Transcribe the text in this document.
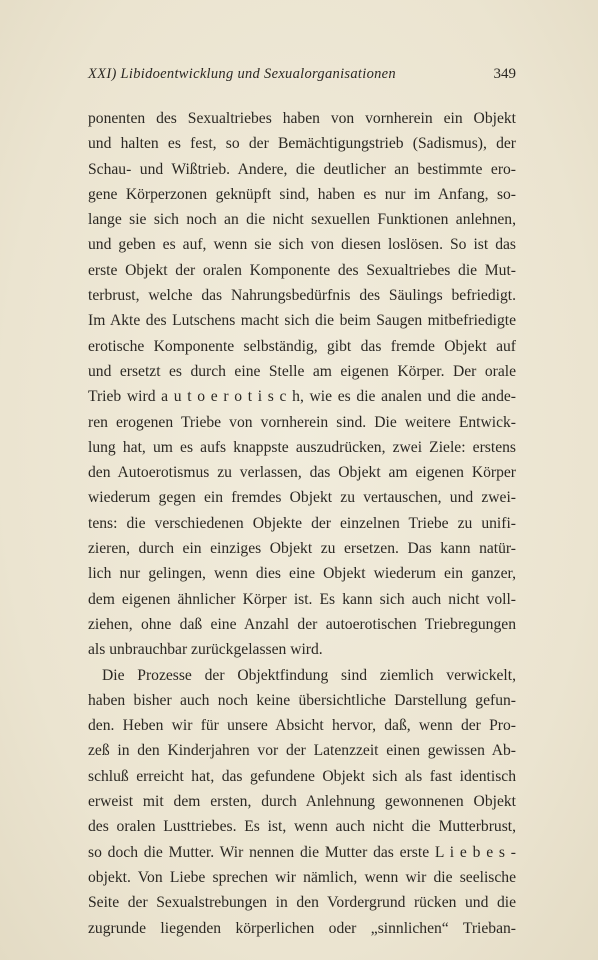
XXI) Libidoentwicklung und Sexualorganisationen	349
ponenten des Sexualtriebes haben von vornherein ein Objekt
und halten es fest, so der Bemächtigungstrieb (Sadismus), der
Schau- und Wißtrieb. Andere, die deutlicher an bestimmte ero-
gene Körperzonen geknüpft sind, haben es nur im Anfang, so-
lange sie sich noch an die nicht sexuellen Funktionen anlehnen,
und geben es auf, wenn sie sich von diesen loslösen. So ist das
erste Objekt der oralen Komponente des Sexualtriebes die Mut-
terbrust, welche das Nahrungsbedürfnis des Säulings befriedigt.
Im Akte des Lutschens macht sich die beim Saugen mitbefriedigte
erotische Komponente selbständig, gibt das fremde Objekt auf
und ersetzt es durch eine Stelle am eigenen Körper. Der orale
Trieb wird a u t o e r o t i s c h, wie es die analen und die ande-
ren erogenen Triebe von vornherein sind. Die weitere Entwick-
lung hat, um es aufs knappste auszudrücken, zwei Ziele: erstens
den Autoerotismus zu verlassen, das Objekt am eigenen Körper
wiederum gegen ein fremdes Objekt zu vertauschen, und zwei-
tens: die verschiedenen Objekte der einzelnen Triebe zu unifi-
zieren, durch ein einziges Objekt zu ersetzen. Das kann natür-
lich nur gelingen, wenn dies eine Objekt wiederum ein ganzer,
dem eigenen ähnlicher Körper ist. Es kann sich auch nicht voll-
ziehen, ohne daß eine Anzahl der autoerotischen Triebregungen
als unbrauchbar zurückgelassen wird.
Die Prozesse der Objektfindung sind ziemlich verwickelt,
haben bisher auch noch keine übersichtliche Darstellung gefun-
den. Heben wir für unsere Absicht hervor, daß, wenn der Pro-
zeß in den Kinderjahren vor der Latenzzeit einen gewissen Ab-
schluß erreicht hat, das gefundene Objekt sich als fast identisch
erweist mit dem ersten, durch Anlehnung gewonnenen Objekt
des oralen Lusttriebes. Es ist, wenn auch nicht die Mutterbrust,
so doch die Mutter. Wir nennen die Mutter das erste L i e b e s -
objekt. Von Liebe sprechen wir nämlich, wenn wir die seelische
Seite der Sexualstrebungen in den Vordergrund rücken und die
zugrunde liegenden körperlichen oder „sinnlichen“ Trieban-
